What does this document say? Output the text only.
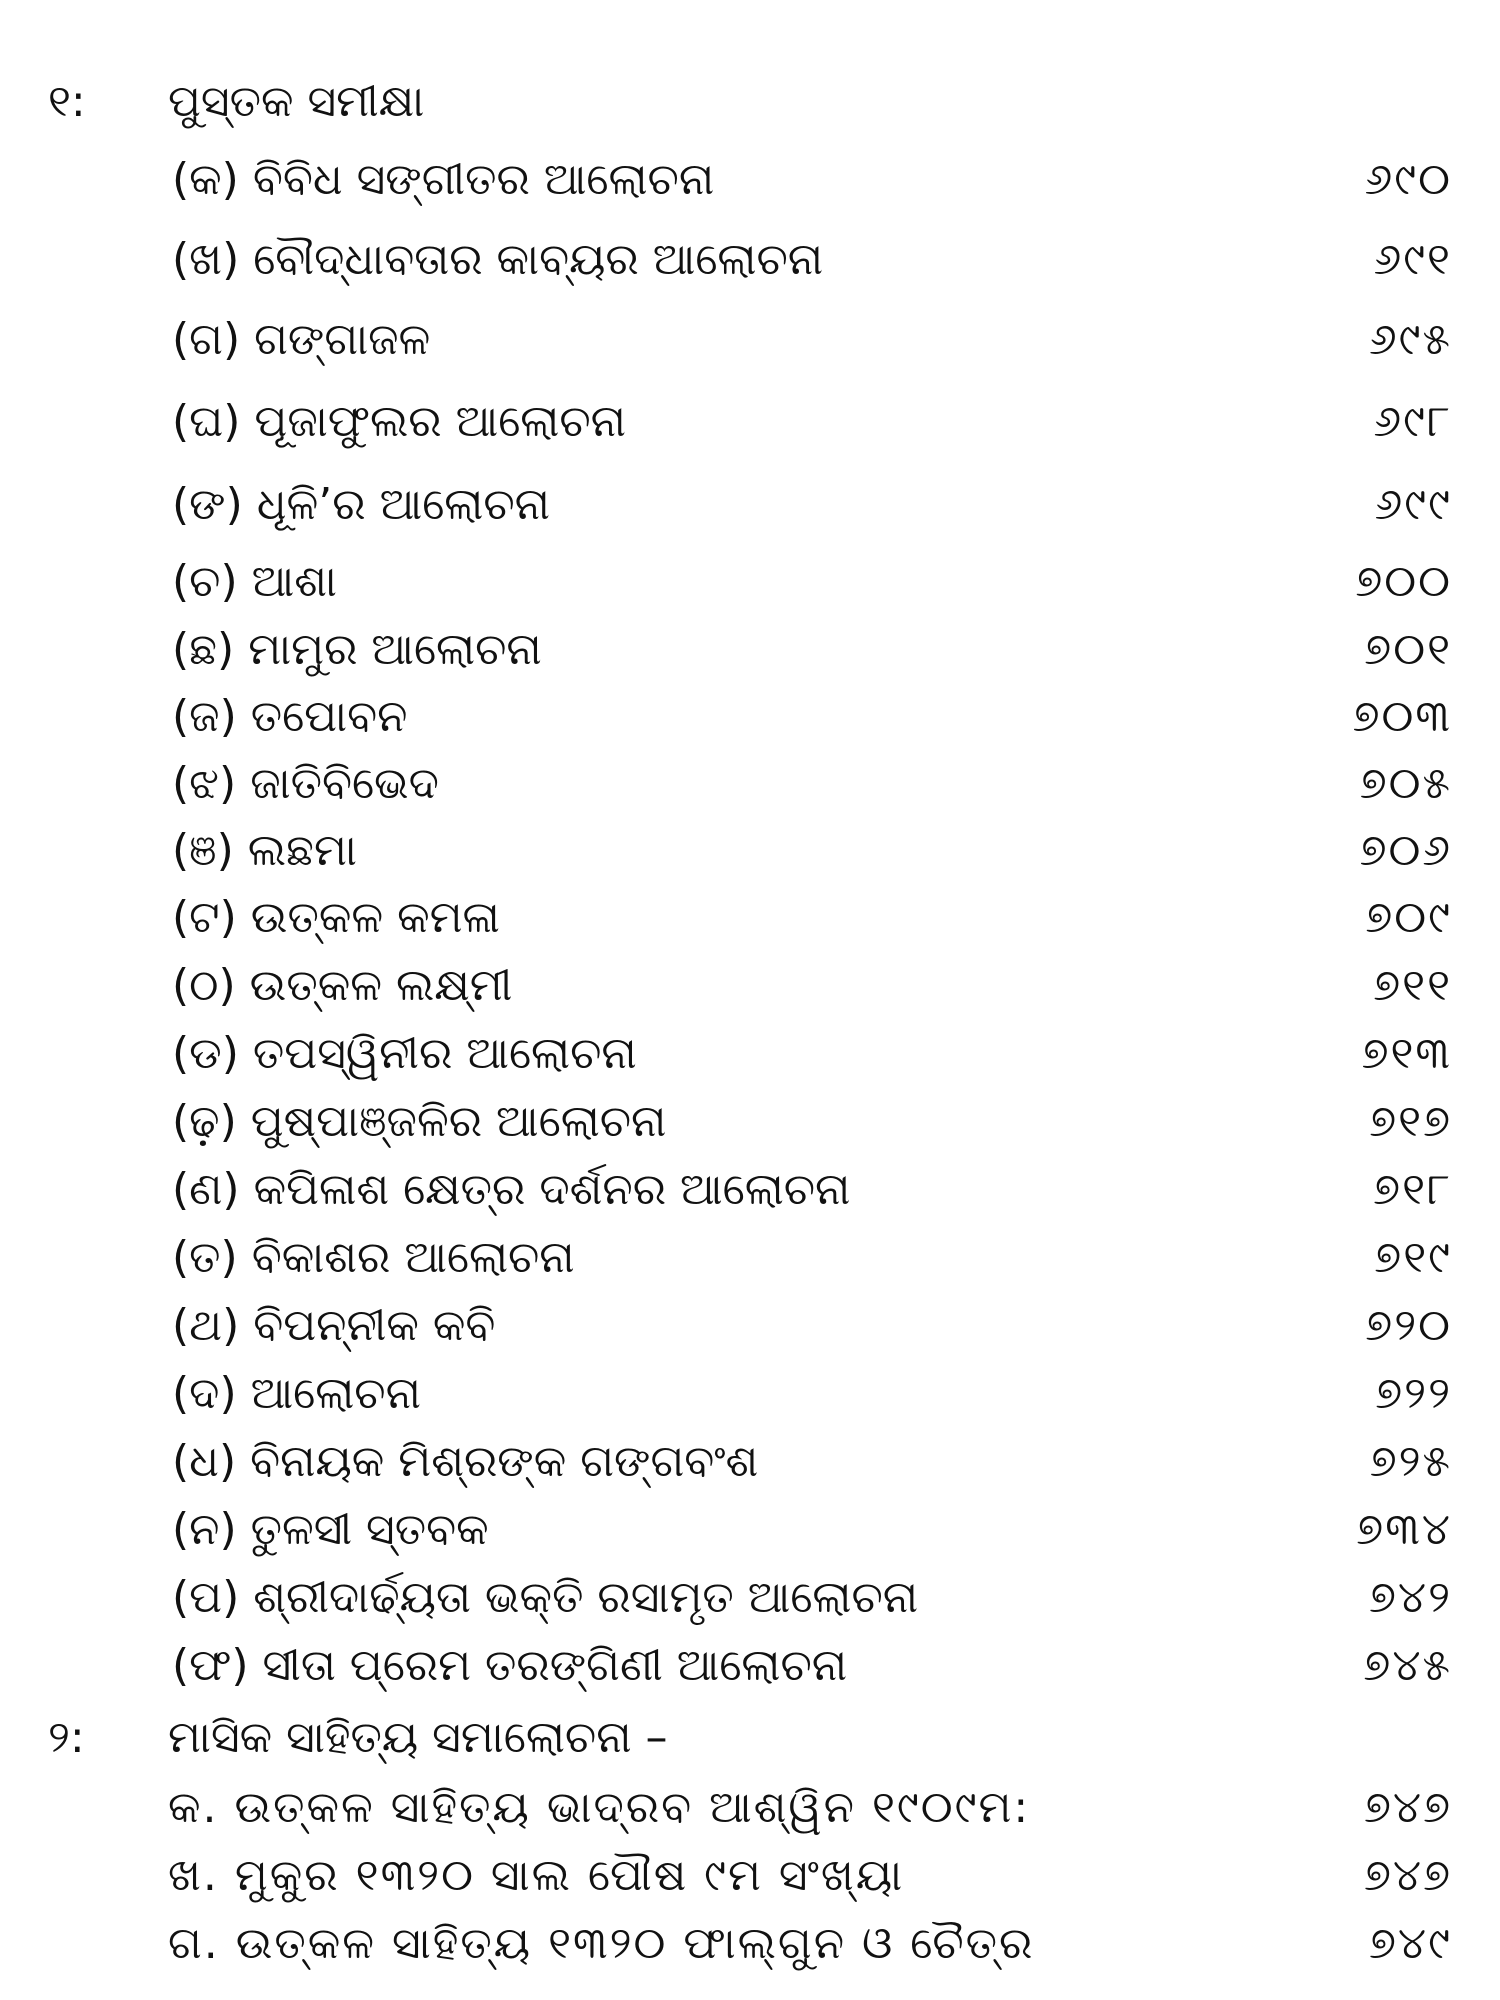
୧: ପୁସ୍ତକ ସମୀକ୍ଷା
(କ) ବିବିଧ ସଙ୍ଗୀତର ଆଲୋଚନା	୬୯୦
(ଖ) ବୌଦ୍ଧାବତାର କାବ୍ୟର ଆଲୋଚନା	୬୯୧
(ଗ) ଗଙ୍ଗାଜଳ	୬୯୫
(ଘ) ପୂଜାଫୁଲର ଆଲୋଚନା	୬୯୮
(ଙ) ଧୂଳି’ର ଆଲୋଚନା	୬୯୯
(ଚ) ଆଶା	୭୦୦
(ଛ) ମାମୁର ଆଲୋଚନା	୭୦୧
(ଜ) ତପୋବନ	୭୦୩
(ଝ) ଜାତିବିଭେଦ	୭୦୫
(ଞ) ଲଛମା	୭୦୬
(ଟ) ଉତ୍କଳ କମଳା	୭୦୯
(ଠ) ଉତ୍କଳ ଲକ୍ଷ୍ମୀ	୭୧୧
(ଡ) ତପସ୍ୱିନୀର ଆଲୋଚନା	୭୧୩
(ଢ଼) ପୁଷ୍ପାଞ୍ଜଳିର ଆଲୋଚନା	୭୧୭
(ଣ) କପିଳାଶ କ୍ଷେତ୍ର ଦର୍ଶନର ଆଲୋଚନା	୭୧୮
(ତ) ବିକାଶର ଆଲୋଚନା	୭୧୯
(ଥ) ବିପନ୍ନୀକ କବି	୭୨୦
(ଦ) ଆଲୋଚନା	୭୨୨
(ଧ) ବିନାୟକ ମିଶ୍ରଙ୍କ ଗଙ୍ଗବଂଶ	୭୨୫
(ନ) ତୁଳସୀ ସ୍ତବକ	୭୩୪
(ପ) ଶ୍ରୀଦାର୍ଢ୍ୟତା ଭକ୍ତି ରସାମୃତ ଆଲୋଚନା	୭୪୨
(ଫ) ସୀତା ପ୍ରେମ ତରଙ୍ଗିଣୀ ଆଲୋଚନା	୭୪୫
୨: ମାସିକ ସାହିତ୍ୟ ସମାଲୋଚନା –
କ. ଉତ୍କଳ ସାହିତ୍ୟ ଭାଦ୍ରବ ଆଶ୍ୱିନ ୧୯୦୯ମ:	୭୪୭
ଖ. ମୁକୁର ୧୩୨୦ ସାଲ ପୌଷ ୯ମ ସଂଖ୍ୟା	୭୪୭
ଗ. ଉତ୍କଳ ସାହିତ୍ୟ ୧୩୨୦ ଫାଲ୍‌ଗୁନ ଓ ଚୈତ୍ର	୭୪୯
